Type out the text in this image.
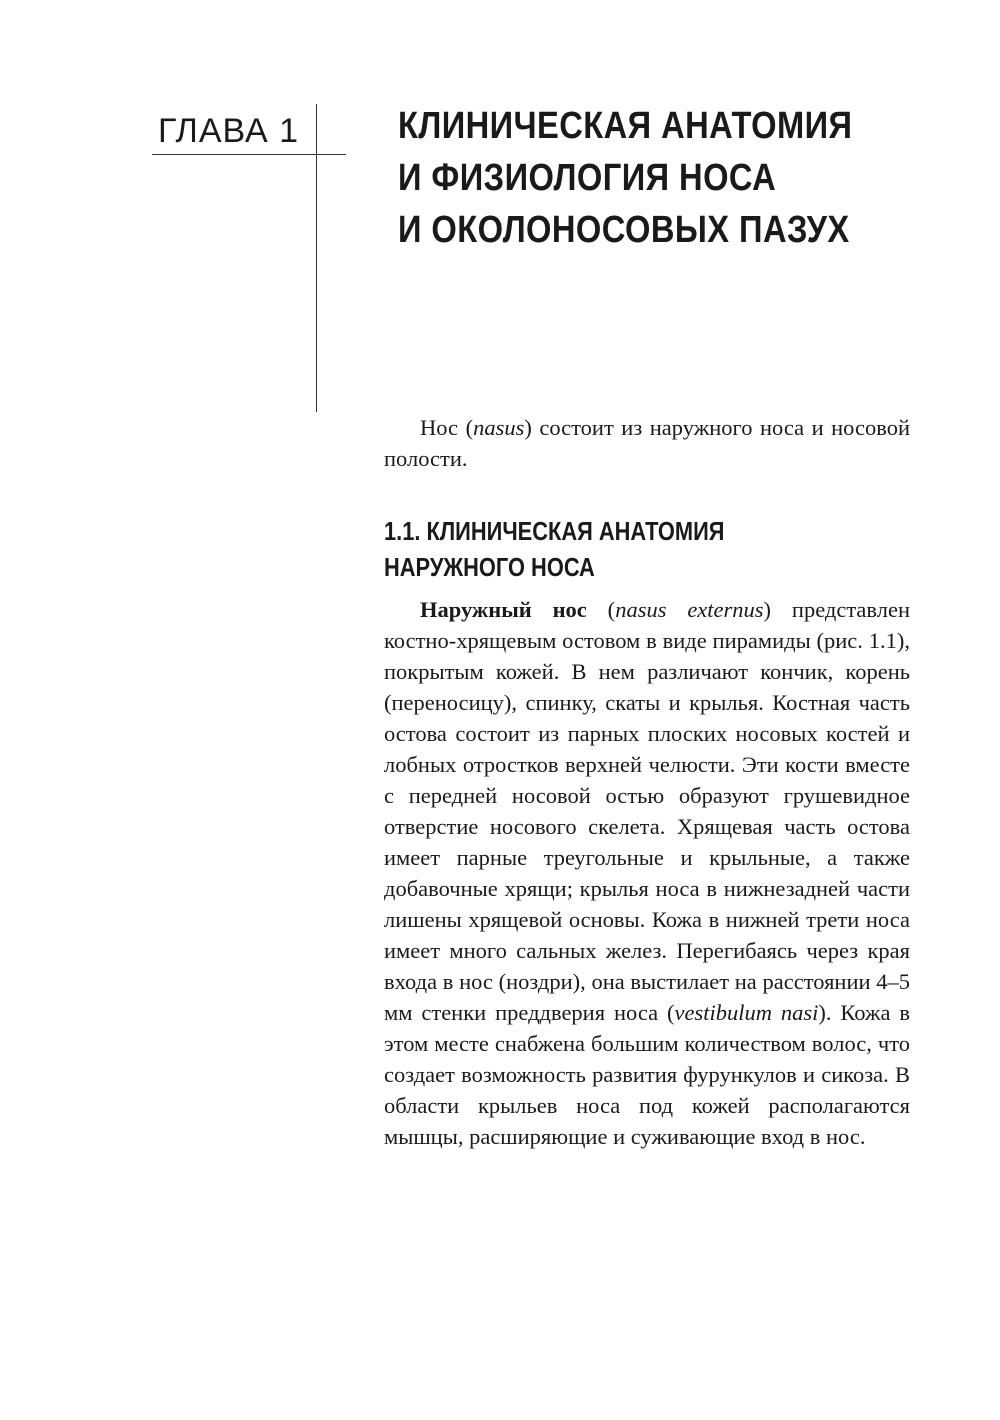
ГЛАВА 1	КЛИНИЧЕСКАЯ АНАТОМИЯ
И ФИЗИОЛОГИЯ НОСА
И ОКОЛОНОСОВЫХ ПАЗУХ

Нос (nasus) состоит из наружного носа и носовой полости.

1.1. КЛИНИЧЕСКАЯ АНАТОМИЯ
НАРУЖНОГО НОСА

Наружный нос (nasus externus) представлен костно-хрящевым остовом в виде пирамиды (рис. 1.1), покрытым кожей. В нем различают кончик, корень (переносицу), спинку, скаты и крылья. Костная часть остова состоит из парных плоских носовых костей и лобных отростков верхней челюсти. Эти кости вместе с передней носовой остью образуют грушевидное отверстие носового скелета. Хрящевая часть остова имеет парные треугольные и крыльные, а также добавочные хрящи; крылья носа в нижнезадней части лишены хрящевой основы. Кожа в нижней трети носа имеет много сальных желез. Перегибаясь через края входа в нос (ноздри), она выстилает на расстоянии 4–5 мм стенки преддверия носа (vestibulum nasi). Кожа в этом месте снабжена большим количеством волос, что создает возможность развития фурункулов и сикоза. В области крыльев носа под кожей располагаются мышцы, расширяющие и суживающие вход в нос.
